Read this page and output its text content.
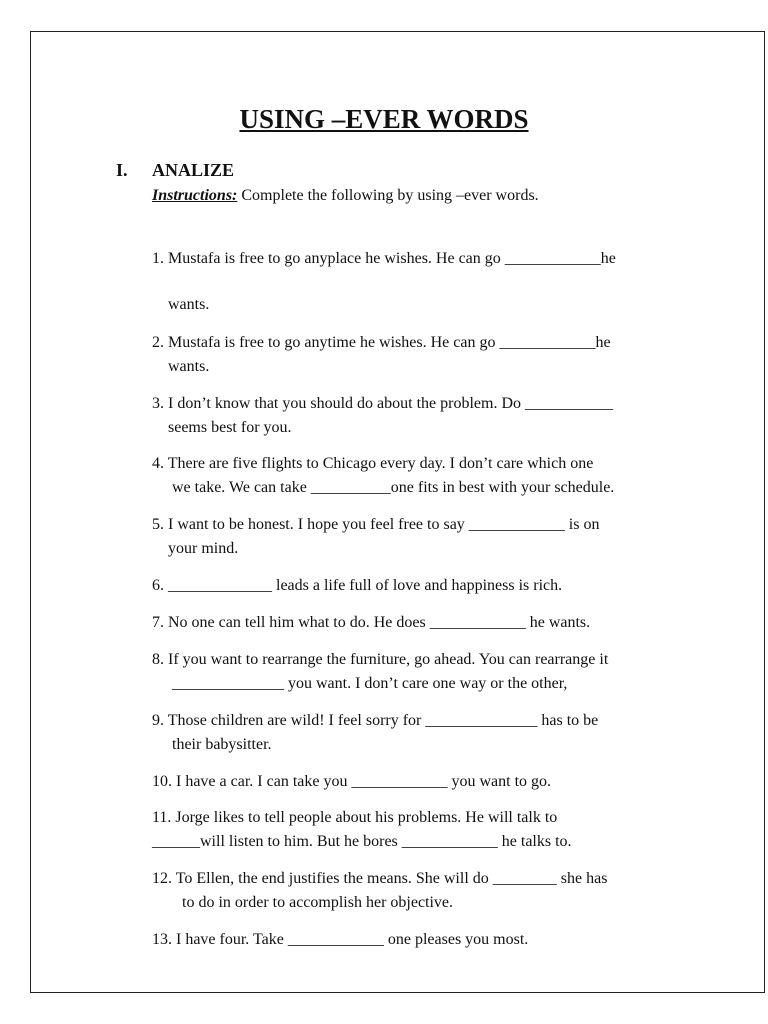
USING –EVER WORDS
I. ANALIZE
Instructions: Complete the following by using –ever words.
1. Mustafa is free to go anyplace he wishes. He can go ____________he
wants.
2. Mustafa is free to go anytime he wishes. He can go ____________he
wants.
3. I don’t know that you should do about the problem. Do ___________
seems best for you.
4. There are five flights to Chicago every day. I don’t care which one
we take. We can take __________one fits in best with your schedule.
5. I want to be honest. I hope you feel free to say ____________ is on
your mind.
6. _____________ leads a life full of love and happiness is rich.
7. No one can tell him what to do. He does ____________ he wants.
8. If you want to rearrange the furniture, go ahead. You can rearrange it
______________ you want. I don’t care one way or the other,
9. Those children are wild! I feel sorry for ______________ has to be
their babysitter.
10. I have a car. I can take you ____________ you want to go.
11. Jorge likes to tell people about his problems. He will talk to
______will listen to him. But he bores ____________ he talks to.
12. To Ellen, the end justifies the means. She will do ________ she has
to do in order to accomplish her objective.
13. I have four. Take ____________ one pleases you most.
